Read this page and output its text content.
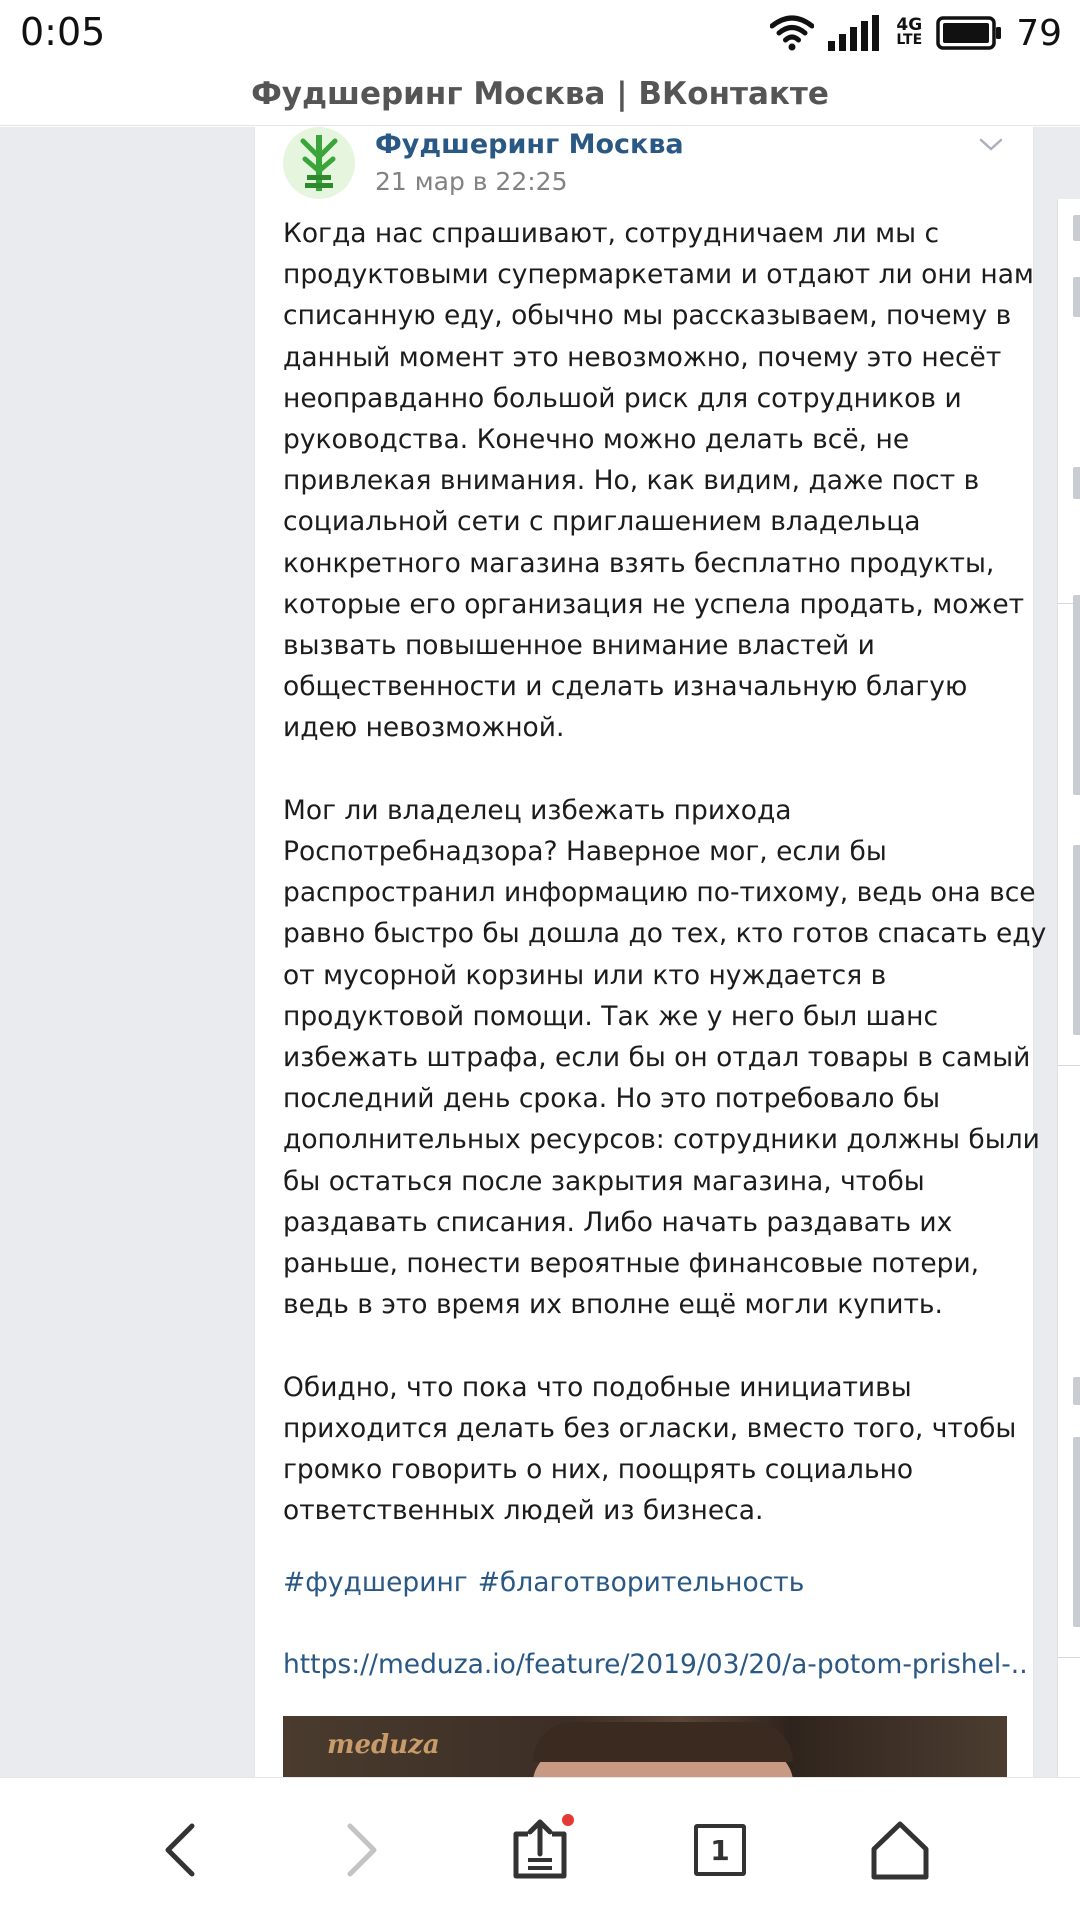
0:05	4G
LTE	79
Фудшеринг Москва | ВКонтакте
Фудшеринг Москва
21 мар в 22:25

Когда нас спрашивают, сотрудничаем ли мы с
продуктовыми супермаркетами и отдают ли они нам
списанную еду, обычно мы рассказываем, почему в
данный момент это невозможно, почему это несёт
неоправданно большой риск для сотрудников и
руководства. Конечно можно делать всё, не
привлекая внимания. Но, как видим, даже пост в
социальной сети с приглашением владельца
конкретного магазина взять бесплатно продукты,
которые его организация не успела продать, может
вызвать повышенное внимание властей и
общественности и сделать изначальную благую
идею невозможной.

Мог ли владелец избежать прихода
Роспотребнадзора? Наверное мог, если бы
распространил информацию по-тихому, ведь она все
равно быстро бы дошла до тех, кто готов спасать еду
от мусорной корзины или кто нуждается в
продуктовой помощи. Так же у него был шанс
избежать штрафа, если бы он отдал товары в самый
последний день срока. Но это потребовало бы
дополнительных ресурсов: сотрудники должны были
бы остаться после закрытия магазина, чтобы
раздавать списания. Либо начать раздавать их
раньше, понести вероятные финансовые потери,
ведь в это время их вполне ещё могли купить.

Обидно, что пока что подобные инициативы
приходится делать без огласки, вместо того, чтобы
громко говорить о них, поощрять социально
ответственных людей из бизнеса.

#фудшеринг #благотворительность
https://meduza.io/feature/2019/03/20/a-potom-prishel-..
meduza
1
